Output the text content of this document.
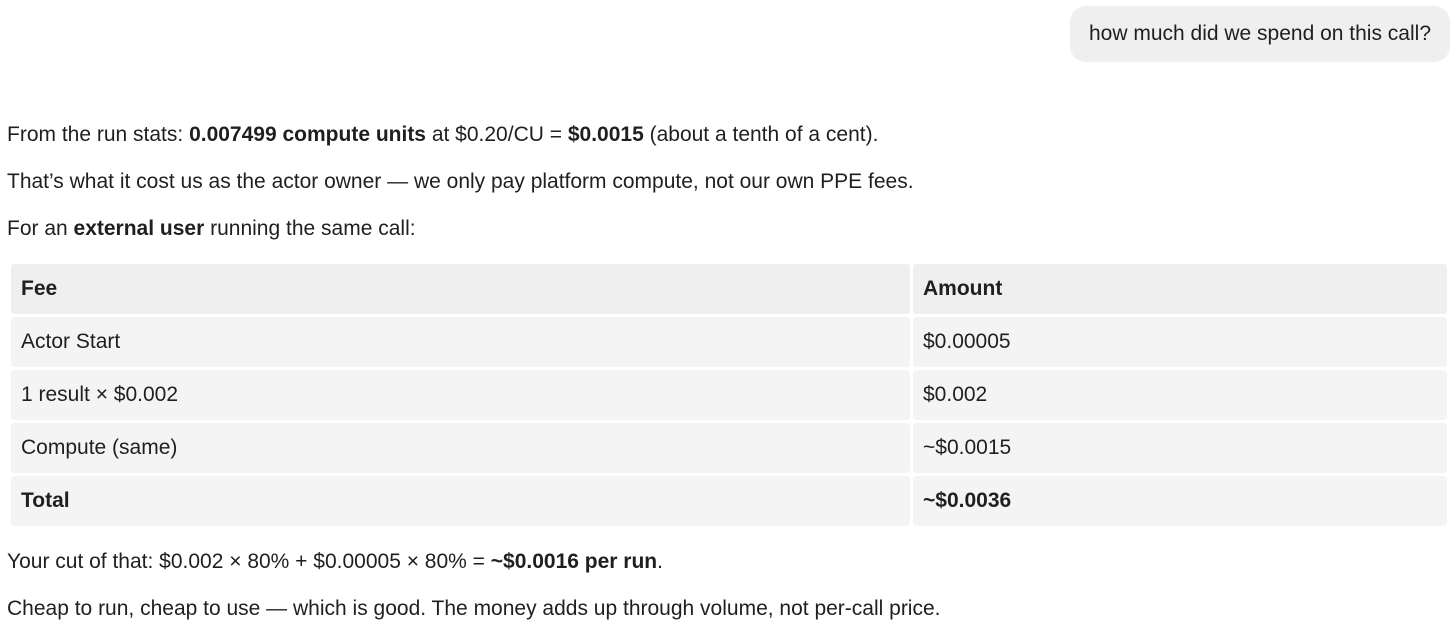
how much did we spend on this call?

From the run stats: 0.007499 compute units at $0.20/CU = $0.0015 (about a tenth of a cent).

That’s what it cost us as the actor owner — we only pay platform compute, not our own PPE fees.

For an external user running the same call:

Fee	Amount
Actor Start	$0.00005
1 result × $0.002	$0.002
Compute (same)	~$0.0015
Total	~$0.0036

Your cut of that: $0.002 × 80% + $0.00005 × 80% = ~$0.0016 per run.

Cheap to run, cheap to use — which is good. The money adds up through volume, not per-call price.
